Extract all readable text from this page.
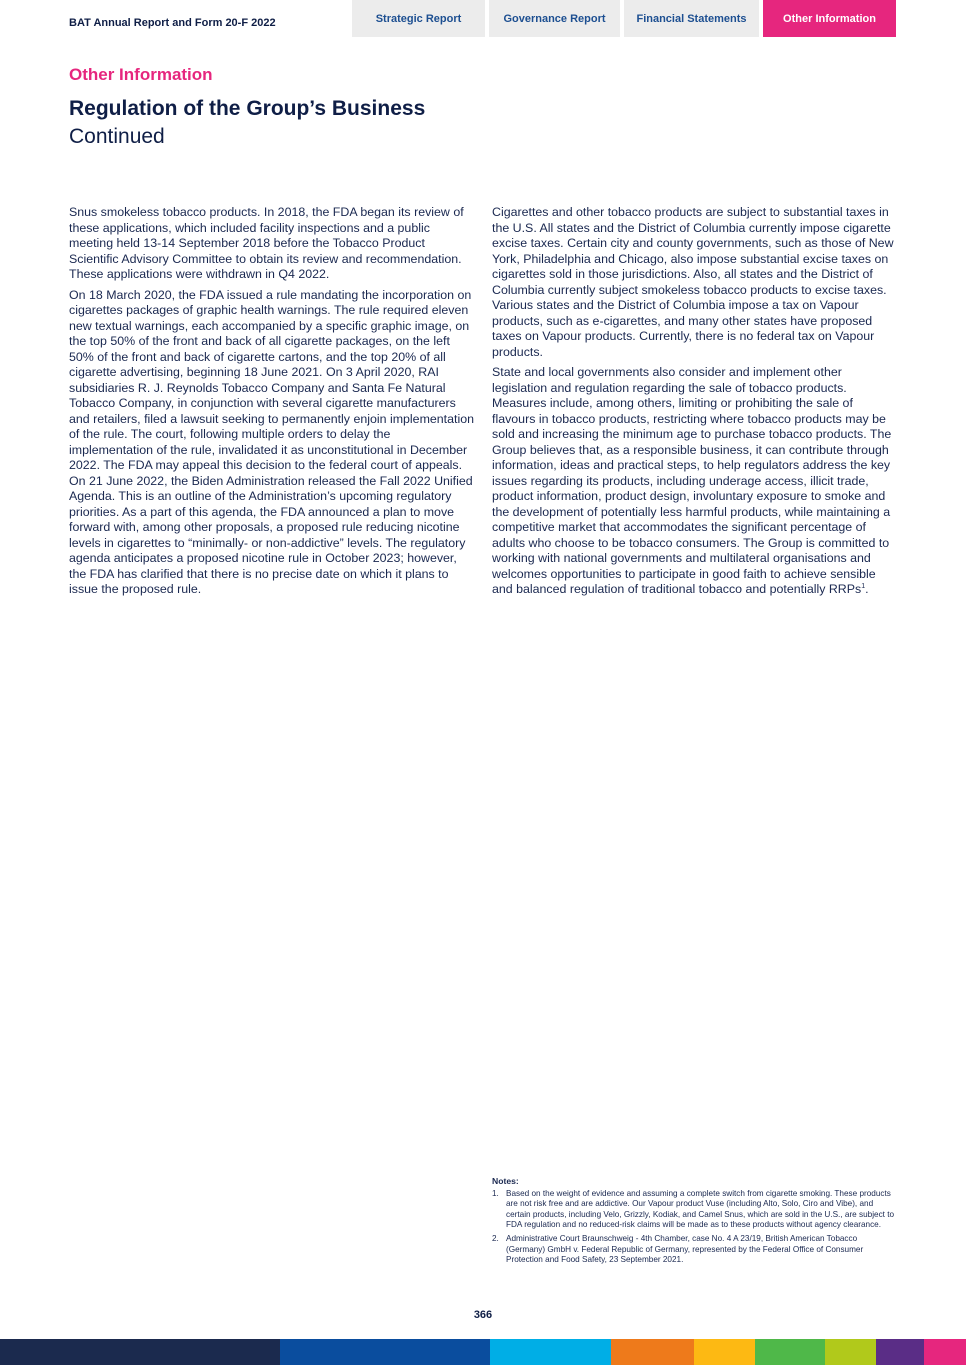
BAT Annual Report and Form 20-F 2022	Strategic Report	Governance Report	Financial Statements	Other Information
Other Information
Regulation of the Group’s Business
Continued

Snus smokeless tobacco products. In 2018, the FDA began its review of these applications, which included facility inspections and a public meeting held 13-14 September 2018 before the Tobacco Product Scientific Advisory Committee to obtain its review and recommendation. These applications were withdrawn in Q4 2022.

On 18 March 2020, the FDA issued a rule mandating the incorporation on cigarettes packages of graphic health warnings. The rule required eleven new textual warnings, each accompanied by a specific graphic image, on the top 50% of the front and back of all cigarette packages, on the left 50% of the front and back of cigarette cartons, and the top 20% of all cigarette advertising, beginning 18 June 2021. On 3 April 2020, RAI subsidiaries R. J. Reynolds Tobacco Company and Santa Fe Natural Tobacco Company, in conjunction with several cigarette manufacturers and retailers, filed a lawsuit seeking to permanently enjoin implementation of the rule. The court, following multiple orders to delay the implementation of the rule, invalidated it as unconstitutional in December 2022. The FDA may appeal this decision to the federal court of appeals.

On 21 June 2022, the Biden Administration released the Fall 2022 Unified Agenda. This is an outline of the Administration’s upcoming regulatory priorities. As a part of this agenda, the FDA announced a plan to move forward with, among other proposals, a proposed rule reducing nicotine levels in cigarettes to “minimally- or non-addictive” levels. The regulatory agenda anticipates a proposed nicotine rule in October 2023; however, the FDA has clarified that there is no precise date on which it plans to issue the proposed rule.

Cigarettes and other tobacco products are subject to substantial taxes in the U.S. All states and the District of Columbia currently impose cigarette excise taxes. Certain city and county governments, such as those of New York, Philadelphia and Chicago, also impose substantial excise taxes on cigarettes sold in those jurisdictions. Also, all states and the District of Columbia currently subject smokeless tobacco products to excise taxes. Various states and the District of Columbia impose a tax on Vapour products, such as e-cigarettes, and many other states have proposed taxes on Vapour products. Currently, there is no federal tax on Vapour products.

State and local governments also consider and implement other legislation and regulation regarding the sale of tobacco products. Measures include, among others, limiting or prohibiting the sale of flavours in tobacco products, restricting where tobacco products may be sold and increasing the minimum age to purchase tobacco products. The Group believes that, as a responsible business, it can contribute through information, ideas and practical steps, to help regulators address the key issues regarding its products, including underage access, illicit trade, product information, product design, involuntary exposure to smoke and the development of potentially less harmful products, while maintaining a competitive market that accommodates the significant percentage of adults who choose to be tobacco consumers. The Group is committed to working with national governments and multilateral organisations and welcomes opportunities to participate in good faith to achieve sensible and balanced regulation of traditional tobacco and potentially RRPs$^1$.

Notes:
1. Based on the weight of evidence and assuming a complete switch from cigarette smoking. These products are not risk free and are addictive. Our Vapour product Vuse (including Alto, Solo, Ciro and Vibe), and certain products, including Velo, Grizzly, Kodiak, and Camel Snus, which are sold in the U.S., are subject to FDA regulation and no reduced-risk claims will be made as to these products without agency clearance.
2. Administrative Court Braunschweig - 4th Chamber, case No. 4 A 23/19, British American Tobacco (Germany) GmbH v. Federal Republic of Germany, represented by the Federal Office of Consumer Protection and Food Safety, 23 September 2021.
366
